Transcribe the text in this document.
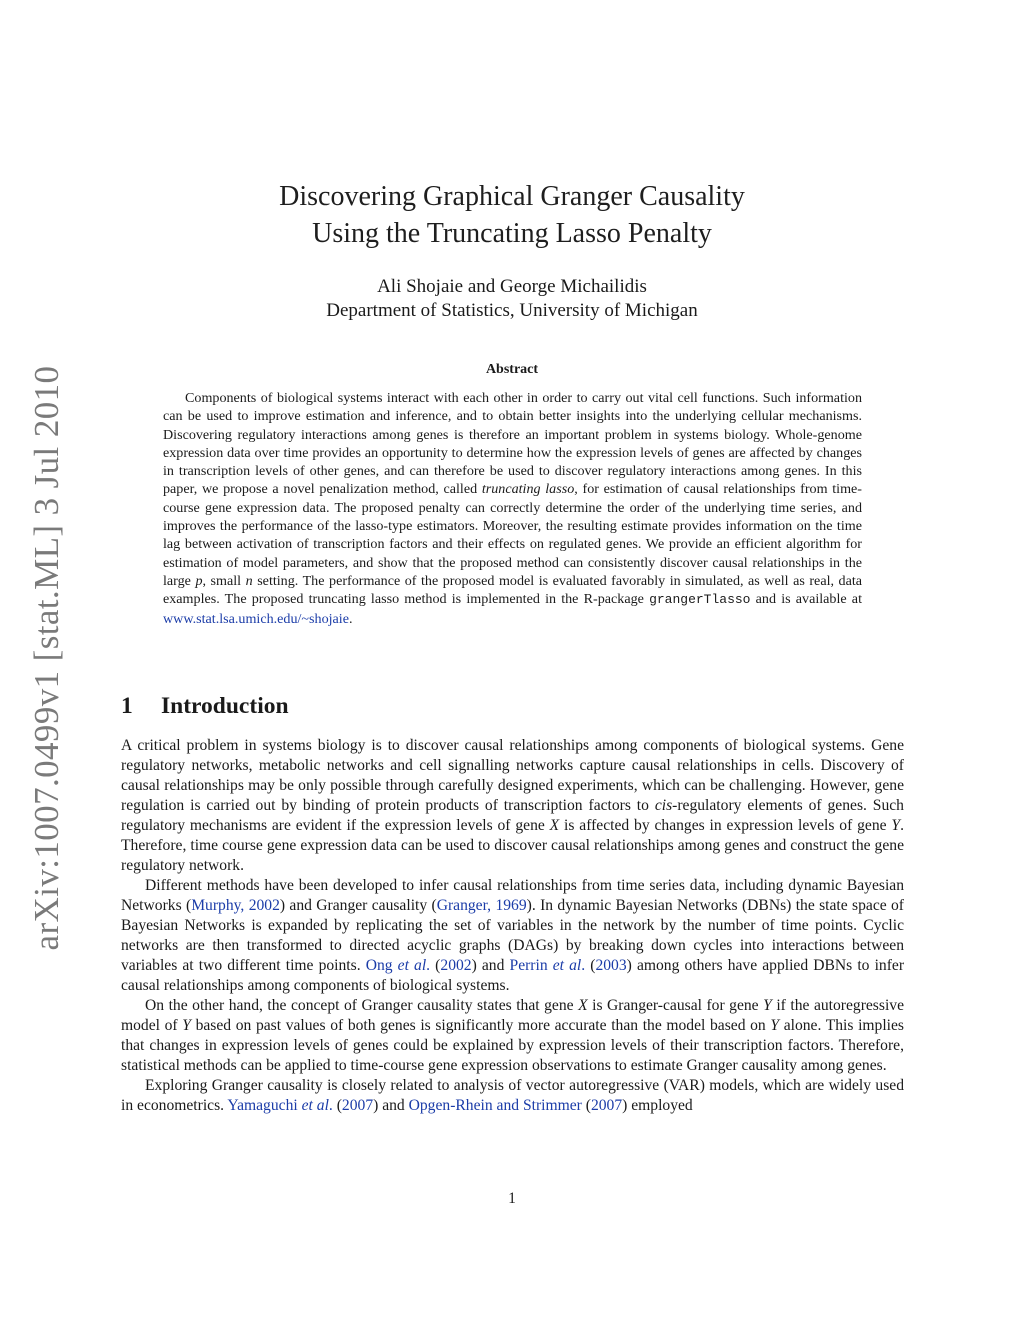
arXiv:1007.0499v1 [stat.ML] 3 Jul 2010
Discovering Graphical Granger Causality
Using the Truncating Lasso Penalty
Ali Shojaie and George Michailidis
Department of Statistics, University of Michigan
Abstract

Components of biological systems interact with each other in order to carry out vital cell functions. Such information can be used to improve estimation and inference, and to obtain better insights into the underlying cellular mechanisms. Discovering regulatory interactions among genes is therefore an important problem in systems biology. Whole-genome expression data over time provides an opportunity to determine how the expression levels of genes are affected by changes in transcription levels of other genes, and can therefore be used to discover regulatory interactions among genes. In this paper, we propose a novel penalization method, called truncating lasso, for estimation of causal relationships from time-course gene expression data. The proposed penalty can correctly determine the order of the underlying time series, and improves the performance of the lasso-type estimators. Moreover, the resulting estimate provides information on the time lag between activation of transcription factors and their effects on regulated genes. We provide an efficient algorithm for estimation of model parameters, and show that the proposed method can consistently discover causal relationships in the large p, small n setting. The performance of the proposed model is evaluated favorably in simulated, as well as real, data examples. The proposed truncating lasso method is implemented in the R-package grangerTlasso and is available at www.stat.lsa.umich.edu/~shojaie.

1 Introduction

A critical problem in systems biology is to discover causal relationships among components of biological systems. Gene regulatory networks, metabolic networks and cell signalling networks capture causal relationships in cells. Discovery of causal relationships may be only possible through carefully designed experiments, which can be challenging. However, gene regulation is carried out by binding of protein products of transcription factors to cis-regulatory elements of genes. Such regulatory mechanisms are evident if the expression levels of gene X is affected by changes in expression levels of gene Y. Therefore, time course gene expression data can be used to discover causal relationships among genes and construct the gene regulatory network.

Different methods have been developed to infer causal relationships from time series data, including dynamic Bayesian Networks (Murphy, 2002) and Granger causality (Granger, 1969). In dynamic Bayesian Networks (DBNs) the state space of Bayesian Networks is expanded by replicating the set of variables in the network by the number of time points. Cyclic networks are then transformed to directed acyclic graphs (DAGs) by breaking down cycles into interactions between variables at two different time points. Ong et al. (2002) and Perrin et al. (2003) among others have applied DBNs to infer causal relationships among components of biological systems.

On the other hand, the concept of Granger causality states that gene X is Granger-causal for gene Y if the autoregressive model of Y based on past values of both genes is significantly more accurate than the model based on Y alone. This implies that changes in expression levels of genes could be explained by expression levels of their transcription factors. Therefore, statistical methods can be applied to time-course gene expression observations to estimate Granger causality among genes.

Exploring Granger causality is closely related to analysis of vector autoregressive (VAR) models, which are widely used in econometrics. Yamaguchi et al. (2007) and Opgen-Rhein and Strimmer (2007) employed

1
